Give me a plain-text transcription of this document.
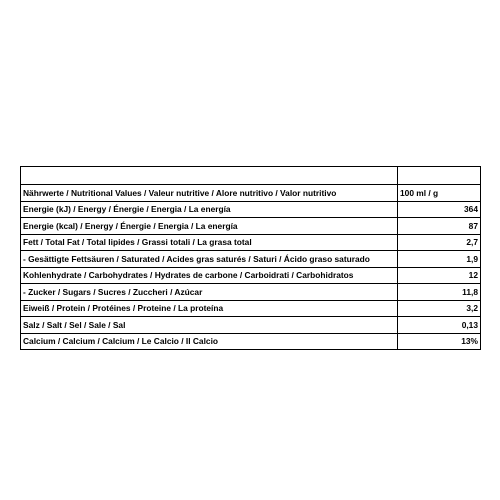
Nährwerte / Nutritional Values / Valeur nutritive / Alore nutritivo / Valor nutritivo	100 ml / g
Energie (kJ) / Energy / Énergie / Energia / La energía	364
Energie (kcal) / Energy / Énergie / Energia / La energía	87
Fett / Total Fat / Total lipides / Grassi totali / La grasa total	2,7
- Gesättigte Fettsäuren / Saturated / Acides gras saturés / Saturi / Ácido graso saturado	1,9
Kohlenhydrate / Carbohydrates / Hydrates de carbone / Carboidrati / Carbohidratos	12
- Zucker / Sugars / Sucres / Zuccheri / Azúcar	11,8
Eiweiß / Protein / Protéines / Proteine / La proteína	3,2
Salz / Salt / Sel / Sale / Sal	0,13
Calcium / Calcium / Calcium / Le Calcio / Il Calcio	13%
